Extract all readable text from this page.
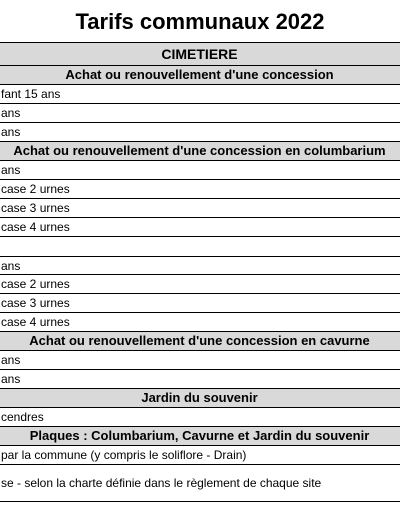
Tarifs communaux 2022
CIMETIERE
Achat ou renouvellement d'une concession
fant 15 ans
ans
ans
Achat ou renouvellement d'une concession en columbarium
ans
case 2 urnes
case 3 urnes
case 4 urnes
ans
case 2 urnes
case 3 urnes
case 4 urnes
Achat ou renouvellement d'une concession en cavurne
ans
ans
Jardin du souvenir
cendres
Plaques : Columbarium, Cavurne et Jardin du souvenir
par la commune (y compris le soliflore - Drain)
se - selon la charte définie dans le règlement de chaque site
